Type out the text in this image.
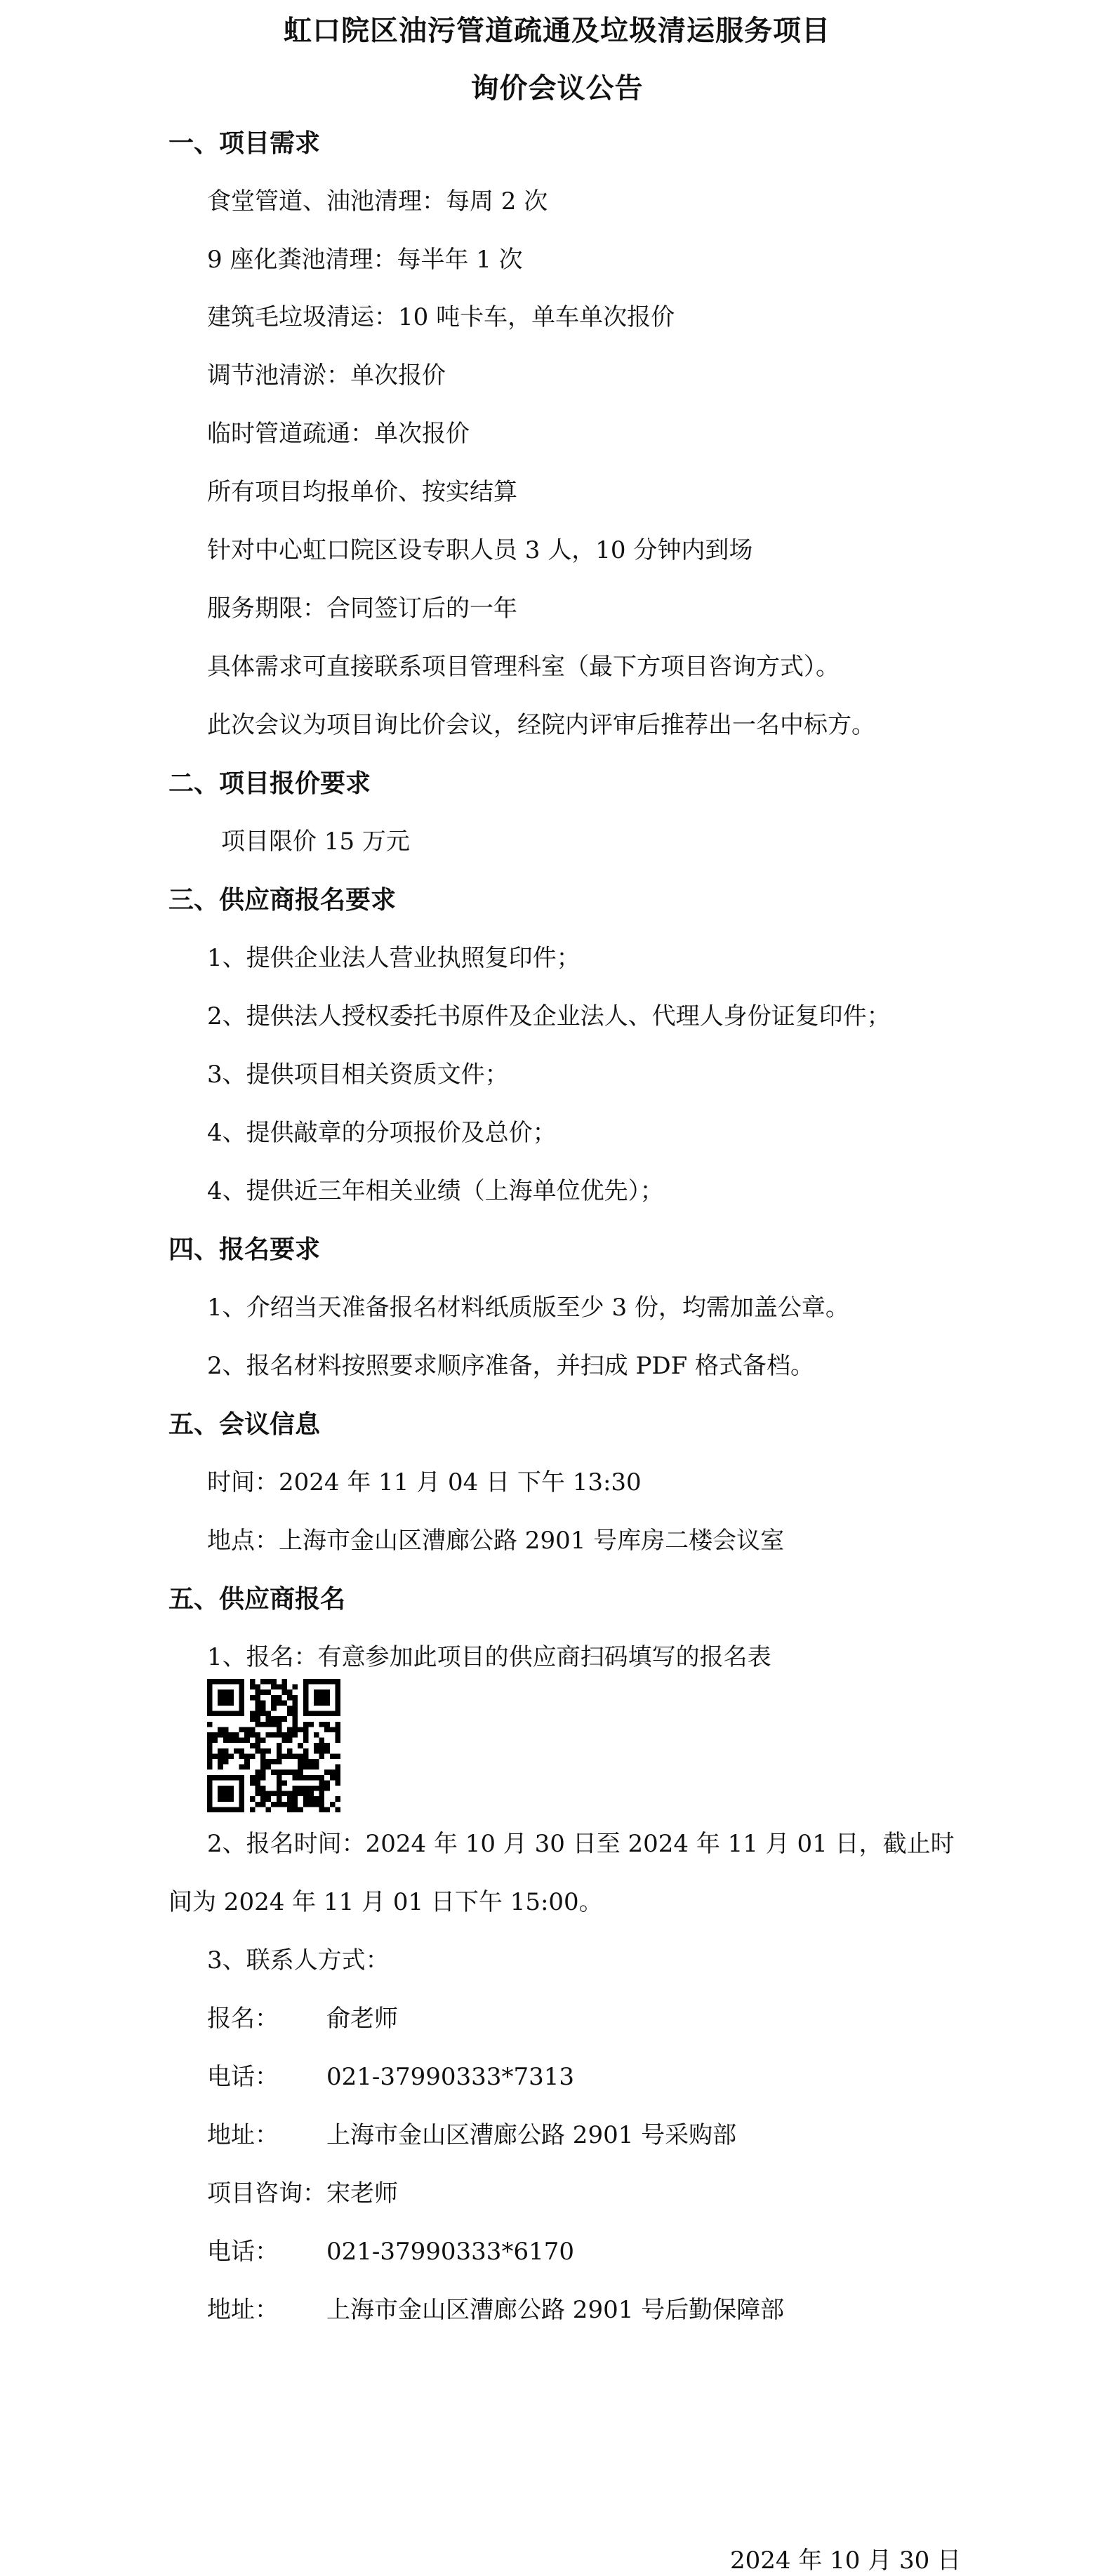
虹口院区油污管道疏通及垃圾清运服务项目
询价会议公告
一、项目需求
食堂管道、油池清理：每周 2 次
9 座化粪池清理：每半年 1 次
建筑毛垃圾清运：10 吨卡车，单车单次报价
调节池清淤：单次报价
临时管道疏通：单次报价
所有项目均报单价、按实结算
针对中心虹口院区设专职人员 3 人，10 分钟内到场
服务期限：合同签订后的一年
具体需求可直接联系项目管理科室（最下方项目咨询方式）。
此次会议为项目询比价会议，经院内评审后推荐出一名中标方。
二、项目报价要求
项目限价 15 万元
三、供应商报名要求
1、提供企业法人营业执照复印件；
2、提供法人授权委托书原件及企业法人、代理人身份证复印件；
3、提供项目相关资质文件；
4、提供敲章的分项报价及总价；
4、提供近三年相关业绩（上海单位优先）；
四、报名要求
1、介绍当天准备报名材料纸质版至少 3 份，均需加盖公章。
2、报名材料按照要求顺序准备，并扫成 PDF 格式备档。
五、会议信息
时间：2024 年 11 月 04 日 下午 13:30
地点：上海市金山区漕廊公路 2901 号库房二楼会议室
五、供应商报名
1、报名：有意参加此项目的供应商扫码填写的报名表
2、报名时间：2024 年 10 月 30 日至 2024 年 11 月 01 日，截止时
间为 2024 年 11 月 01 日下午 15:00。
3、联系人方式：
报名： 俞老师
电话： 021-37990333*7313
地址： 上海市金山区漕廊公路 2901 号采购部
项目咨询：宋老师
电话： 021-37990333*6170
地址： 上海市金山区漕廊公路 2901 号后勤保障部
2024 年 10 月 30 日
